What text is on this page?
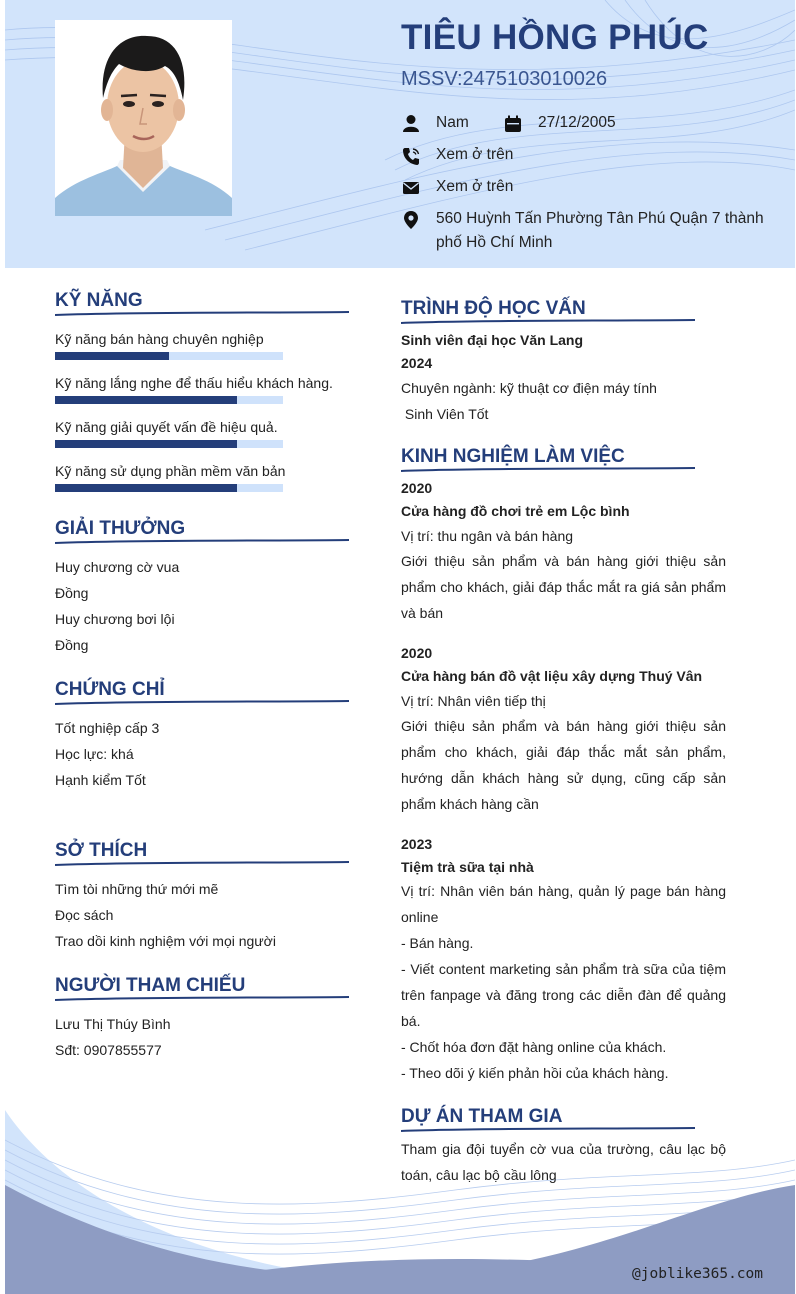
TIÊU HỒNG PHÚC
MSSV:2475103010026
Nam	27/12/2005
Xem ở trên
Xem ở trên
560 Huỳnh Tấn Phường Tân Phú Quận 7 thành phố Hồ Chí Minh
KỸ NĂNG
Kỹ năng bán hàng chuyên nghiệp
Kỹ năng lắng nghe để thấu hiểu khách hàng.
Kỹ năng giải quyết vấn đề hiệu quả.
Kỹ năng sử dụng phần mềm văn bản
GIẢI THƯỞNG
Huy chương cờ vua
Đồng
Huy chương bơi lội
Đồng
CHỨNG CHỈ
Tốt nghiệp cấp 3
Học lực: khá
Hạnh kiểm Tốt
SỞ THÍCH
Tìm tòi những thứ mới mẽ
Đọc sách
Trao dồi kinh nghiệm với mọi người
NGƯỜI THAM CHIẾU
Lưu Thị Thúy Bình
Sđt: 0907855577
TRÌNH ĐỘ HỌC VẤN
Sinh viên đại học Văn Lang
2024
Chuyên ngành: kỹ thuật cơ điện máy tính
Sinh Viên Tốt
KINH NGHIỆM LÀM VIỆC
2020
Cửa hàng đồ chơi trẻ em Lộc bình
Vị trí: thu ngân và bán hàng
Giới thiệu sản phẩm và bán hàng giới thiệu sản phẩm cho khách, giải đáp thắc mắt ra giá sản phẩm và bán
2020
Cửa hàng bán đồ vật liệu xây dựng Thuý Vân
Vị trí: Nhân viên tiếp thị
Giới thiệu sản phẩm và bán hàng giới thiệu sản phẩm cho khách, giải đáp thắc mắt sản phẩm, hướng dẫn khách hàng sử dụng, cũng cấp sản phẩm khách hàng cần
2023
Tiệm trà sữa tại nhà
Vị trí: Nhân viên bán hàng, quản lý page bán hàng online
- Bán hàng.
- Viết content marketing sản phẩm trà sữa của tiệm trên fanpage và đăng trong các diễn đàn để quảng bá.
- Chốt hóa đơn đặt hàng online của khách.
- Theo dõi ý kiến phản hồi của khách hàng.
DỰ ÁN THAM GIA
Tham gia đội tuyển cờ vua của trường, câu lạc bộ toán, câu lạc bộ cầu lông
@joblike365.com
